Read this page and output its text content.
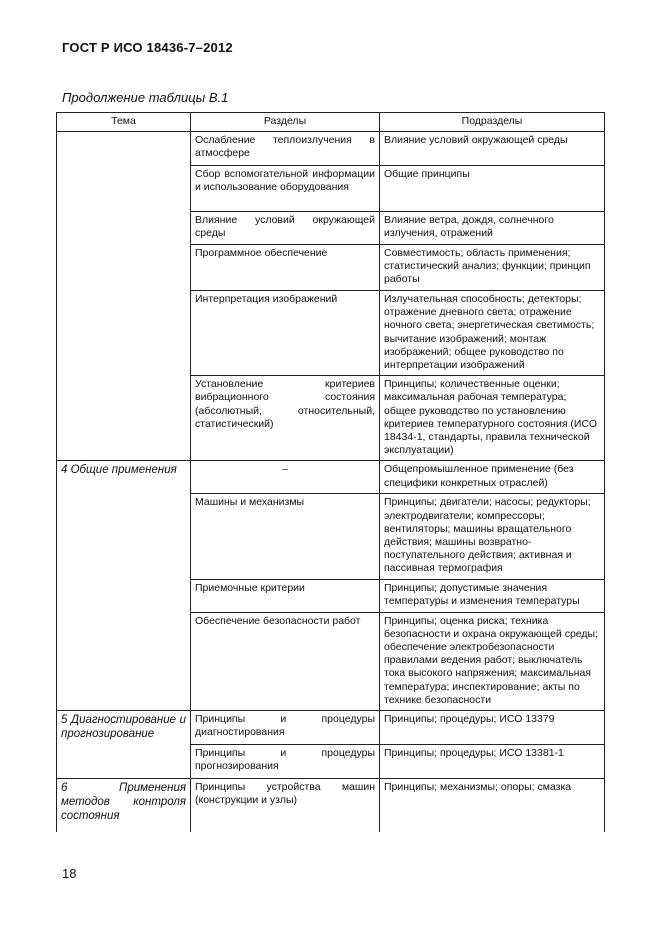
ГОСТ Р ИСО 18436-7–2012
Продолжение таблицы В.1
Тема	Разделы	Подразделы
	Ослабление теплоизлучения в атмосфере	Влияние условий окружающей среды
	Сбор вспомогательной информации и использование оборудования	Общие принципы
	Влияние условий окружающей среды	Влияние ветра, дождя, солнечного излучения, отражений
	Программное обеспечение	Совместимость; область применения; статистический анализ; функции; принцип работы
	Интерпретация изображений	Излучательная способность; детекторы; отражение дневного света; отражение ночного света; энергетическая светимость; вычитание изображений; монтаж изображений; общее руководство по интерпретации изображений
	Установление критериев вибрационного состояния (абсолютный, относительный, статистический)	Принципы; количественные оценки; максимальная рабочая температура; общее руководство по установлению критериев температурного состояния (ИСО 18434-1, стандарты, правила технической эксплуатации)
4 Общие применения	–	Общепромышленное применение (без специфики конкретных отраслей)
	Машины и механизмы	Принципы; двигатели; насосы; редукторы; электродвигатели; компрессоры; вентиляторы; машины вращательного действия; машины возвратно-поступательного действия; активная и пассивная термография
	Приемочные критерии	Принципы; допустимые значения температуры и изменения температуры
	Обеспечение безопасности работ	Принципы; оценка риска; техника безопасности и охрана окружающей среды; обеспечение электробезопасности правилами ведения работ; выключатель тока высокого напряжения; максимальная температура; инспектирование; акты по технике безопасности
5 Диагностирование и прогнозирование	Принципы и процедуры диагностирования	Принципы; процедуры; ИСО 13379
	Принципы и процедуры прогнозирования	Принципы; процедуры; ИСО 13381-1
6 Применения методов контроля состояния	Принципы устройства машин (конструкции и узлы)	Принципы; механизмы; опоры; смазка
18
